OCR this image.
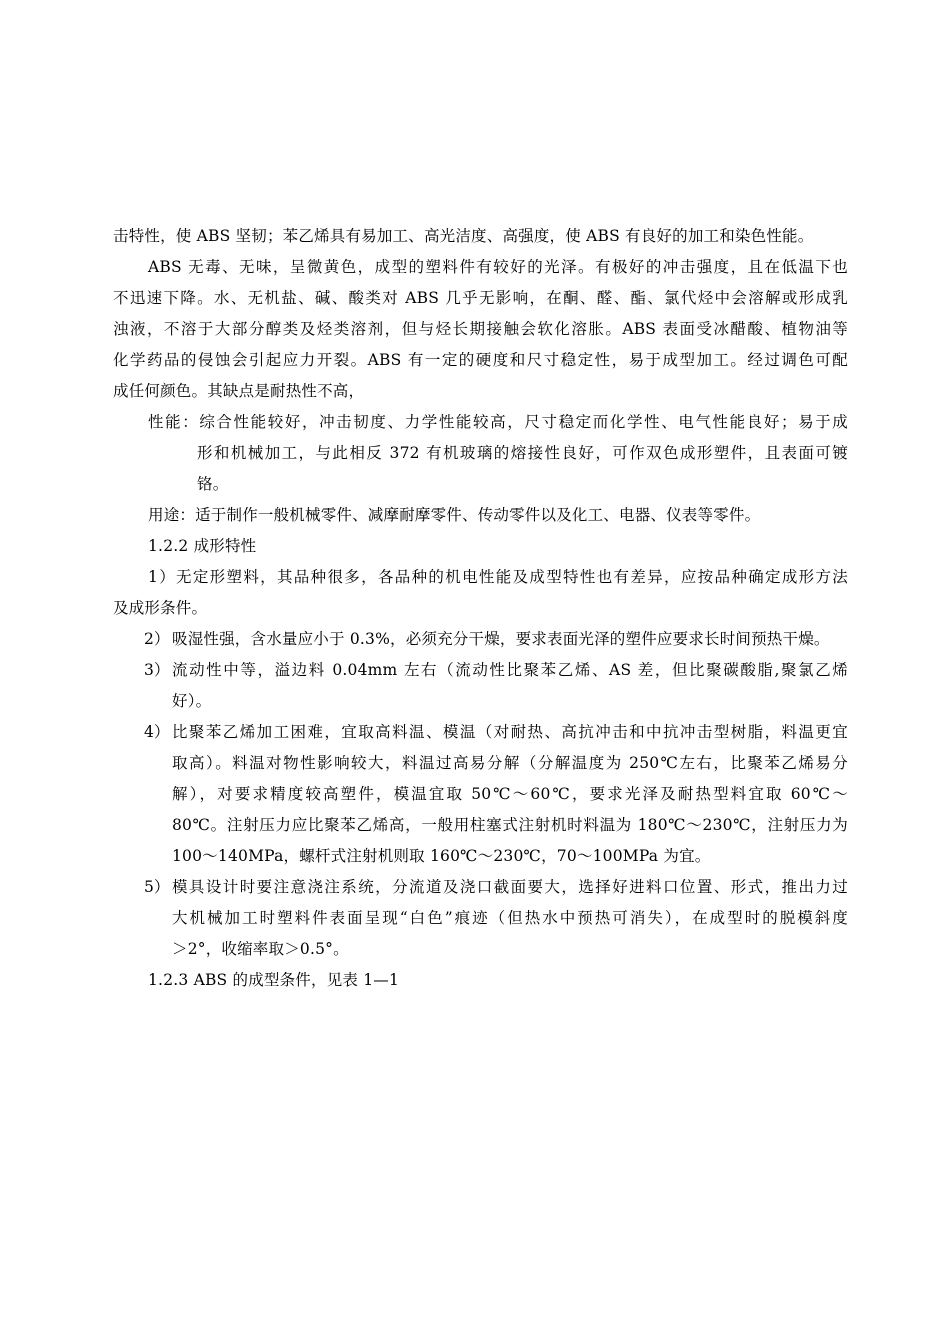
击特性，使 ABS 坚韧；苯乙烯具有易加工、高光洁度、高强度，使 ABS 有良好的加工和染色性能。
ABS 无毒、无味，呈微黄色，成型的塑料件有较好的光泽。有极好的冲击强度，且在低温下也
不迅速下降。水、无机盐、碱、酸类对 ABS 几乎无影响，在酮、醛、酯、氯代烃中会溶解或形成乳
浊液，不溶于大部分醇类及烃类溶剂，但与烃长期接触会软化溶胀。ABS 表面受冰醋酸、植物油等
化学药品的侵蚀会引起应力开裂。ABS 有一定的硬度和尺寸稳定性，易于成型加工。经过调色可配
成任何颜色。其缺点是耐热性不高，
性能：综合性能较好，冲击韧度、力学性能较高，尺寸稳定而化学性、电气性能良好；易于成
形和机械加工，与此相反 372 有机玻璃的熔接性良好，可作双色成形塑件，且表面可镀
铬。
用途：适于制作一般机械零件、减摩耐摩零件、传动零件以及化工、电器、仪表等零件。
1.2.2 成形特性
1）无定形塑料，其品种很多，各品种的机电性能及成型特性也有差异，应按品种确定成形方法
及成形条件。
2） 吸湿性强，含水量应小于 0.3%，必须充分干燥，要求表面光泽的塑件应要求长时间预热干燥。
3） 流动性中等，溢边料 0.04mm 左右（流动性比聚苯乙烯、AS 差，但比聚碳酸脂,聚氯乙烯
好）。
4） 比聚苯乙烯加工困难，宜取高料温、模温（对耐热、高抗冲击和中抗冲击型树脂，料温更宜
取高）。料温对物性影响较大，料温过高易分解（分解温度为 250℃左右，比聚苯乙烯易分
解），对要求精度较高塑件，模温宜取 50℃～60℃，要求光泽及耐热型料宜取 60℃～
80℃。注射压力应比聚苯乙烯高，一般用柱塞式注射机时料温为 180℃～230℃，注射压力为
100～140MPa，螺杆式注射机则取 160℃～230℃，70～100MPa 为宜。
5） 模具设计时要注意浇注系统，分流道及浇口截面要大，选择好进料口位置、形式，推出力过
大机械加工时塑料件表面呈现“白色”痕迹（但热水中预热可消失），在成型时的脱模斜度
＞2°，收缩率取＞0.5°。
1.2.3 ABS 的成型条件，见表 1—1
